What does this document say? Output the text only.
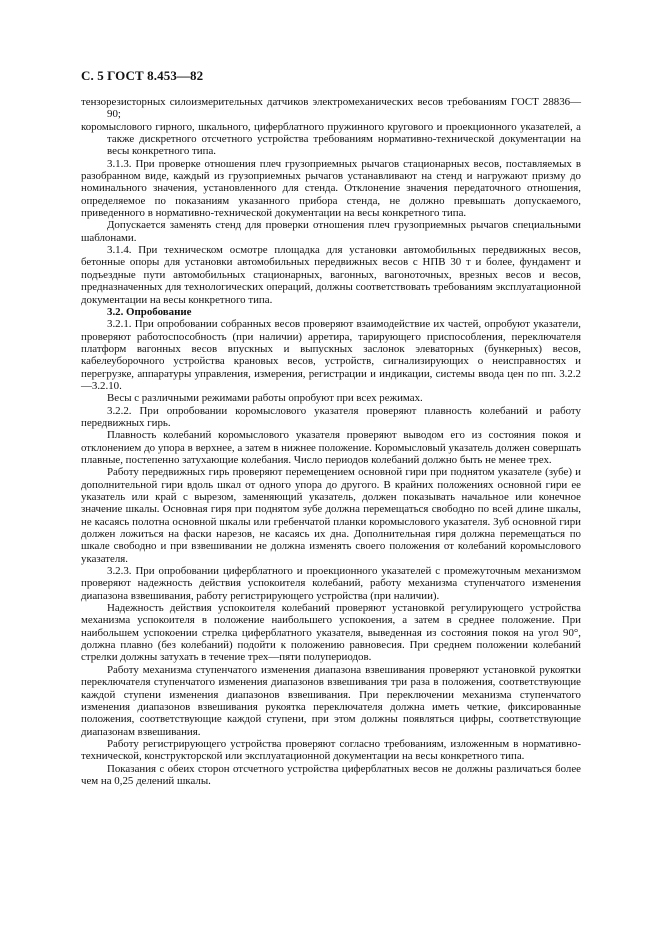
С. 5 ГОСТ 8.453—82

тензорезисторных силоизмерительных датчиков электромеханических весов требованиям ГОСТ 28836—90;

коромыслового гирного, шкального, циферблатного пружинного кругового и проекционного указателей, а также дискретного отсчетного устройства требованиям нормативно-технической документации на весы конкретного типа.

3.1.3. При проверке отношения плеч грузоприемных рычагов стационарных весов, поставляемых в разобранном виде, каждый из грузоприемных рычагов устанавливают на стенд и нагружают призму до номинального значения, установленного для стенда. Отклонение значения передаточного отношения, определяемое по показаниям указанного прибора стенда, не должно превышать допускаемого, приведенного в нормативно-технической документации на весы конкретного типа.

Допускается заменять стенд для проверки отношения плеч грузоприемных рычагов специальными шаблонами.

3.1.4. При техническом осмотре площадка для установки автомобильных передвижных весов, бетонные опоры для установки автомобильных передвижных весов с НПВ 30 т и более, фундамент и подъездные пути автомобильных стационарных, вагонных, вагоноточных, врезных весов и весов, предназначенных для технологических операций, должны соответствовать требованиям эксплуатационной документации на весы конкретного типа.

3.2. Опробование

3.2.1. При опробовании собранных весов проверяют взаимодействие их частей, опробуют указатели, проверяют работоспособность (при наличии) арретира, тарирующего приспособления, переключателя платформ вагонных весов впускных и выпускных заслонок элеваторных (бункерных) весов, кабелеуборочного устройства крановых весов, устройств, сигнализирующих о неисправностях и перегрузке, аппаратуры управления, измерения, регистрации и индикации, системы ввода цен по пп. 3.2.2—3.2.10.

Весы с различными режимами работы опробуют при всех режимах.

3.2.2. При опробовании коромыслового указателя проверяют плавность колебаний и работу передвижных гирь.

Плавность колебаний коромыслового указателя проверяют выводом его из состояния покоя и отклонением до упора в верхнее, а затем в нижнее положение. Коромысловый указатель должен совершать плавные, постепенно затухающие колебания. Число периодов колебаний должно быть не менее трех.

Работу передвижных гирь проверяют перемещением основной гири при поднятом указателе (зубе) и дополнительной гири вдоль шкал от одного упора до другого. В крайних положениях основной гири ее указатель или край с вырезом, заменяющий указатель, должен показывать начальное или конечное значение шкалы. Основная гиря при поднятом зубе должна перемещаться свободно по всей длине шкалы, не касаясь полотна основной шкалы или гребенчатой планки коромыслового указателя. Зуб основной гири должен ложиться на фаски нарезов, не касаясь их дна. Дополнительная гиря должна перемещаться по шкале свободно и при взвешивании не должна изменять своего положения от колебаний коромыслового указателя.

3.2.3. При опробовании циферблатного и проекционного указателей с промежуточным механизмом проверяют надежность действия успокоителя колебаний, работу механизма ступенчатого изменения диапазона взвешивания, работу регистрирующего устройства (при наличии).

Надежность действия успокоителя колебаний проверяют установкой регулирующего устройства механизма успокоителя в положение наибольшего успокоения, а затем в среднее положение. При наибольшем успокоении стрелка циферблатного указателя, выведенная из состояния покоя на угол 90°, должна плавно (без колебаний) подойти к положению равновесия. При среднем положении колебаний стрелки должны затухать в течение трех—пяти полупериодов.

Работу механизма ступенчатого изменения диапазона взвешивания проверяют установкой рукоятки переключателя ступенчатого изменения диапазонов взвешивания три раза в положения, соответствующие каждой ступени изменения диапазонов взвешивания. При переключении механизма ступенчатого изменения диапазонов взвешивания рукоятка переключателя должна иметь четкие, фиксированные положения, соответствующие каждой ступени, при этом должны появляться цифры, соответствующие диапазонам взвешивания.

Работу регистрирующего устройства проверяют согласно требованиям, изложенным в нормативно-технической, конструкторской или эксплуатационной документации на весы конкретного типа.

Показания с обеих сторон отсчетного устройства циферблатных весов не должны различаться более чем на 0,25 делений шкалы.
